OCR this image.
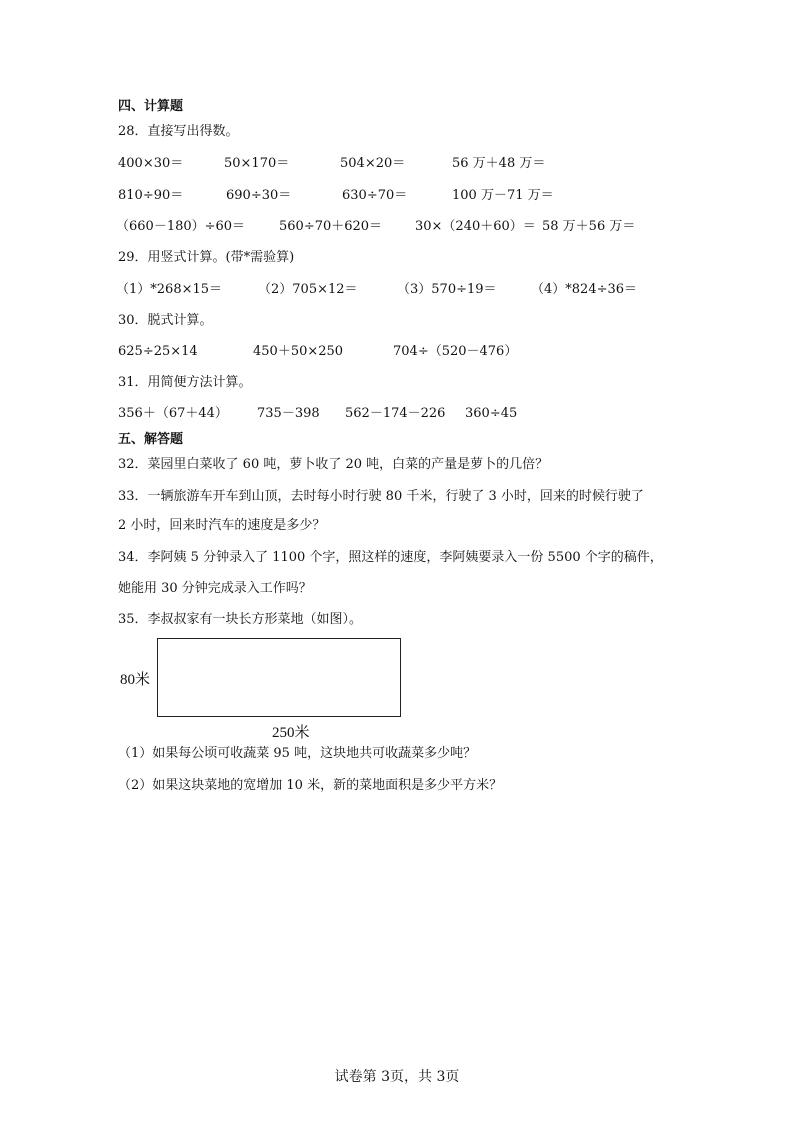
四、计算题
28．直接写出得数。
400×30＝	50×170＝	504×20＝	56 万＋48 万＝
810÷90＝	690÷30＝	630÷70＝	100 万－71 万＝
（660－180）÷60＝	560÷70＋620＝	30×（240＋60）＝ 58 万＋56 万＝
29．用竖式计算。(带*需验算)
（1）*268×15＝	（2）705×12＝	（3）570÷19＝	（4）*824÷36＝
30．脱式计算。
625÷25×14	450＋50×250	704÷（520－476）
31．用简便方法计算。
356＋（67＋44） 735－398 562－174－226 360÷45
五、解答题
32．菜园里白菜收了 60 吨，萝卜收了 20 吨，白菜的产量是萝卜的几倍？
33．一辆旅游车开车到山顶，去时每小时行驶 80 千米，行驶了 3 小时，回来的时候行驶了
2 小时，回来时汽车的速度是多少？
34．李阿姨 5 分钟录入了 1100 个字，照这样的速度，李阿姨要录入一份 5500 个字的稿件，
她能用 30 分钟完成录入工作吗？
35．李叔叔家有一块长方形菜地（如图）。
80米
250米
（1）如果每公顷可收蔬菜 95 吨，这块地共可收蔬菜多少吨？
（2）如果这块菜地的宽增加 10 米，新的菜地面积是多少平方米？
试卷第 3页，共 3页
